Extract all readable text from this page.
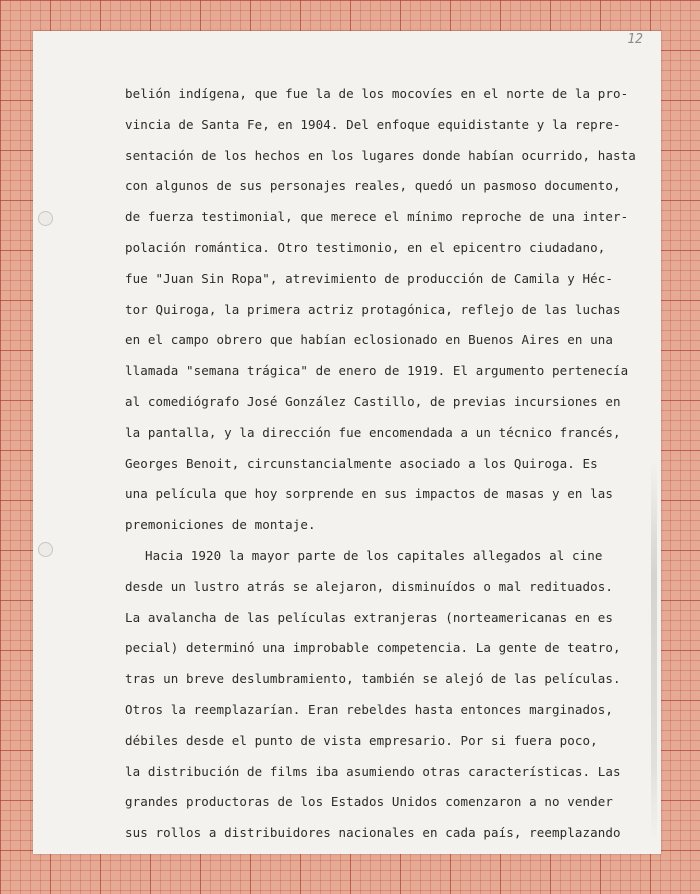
12
belión indígena, que fue la de los mocovíes en el norte de la pro-
vincia de Santa Fe, en 1904. Del enfoque equidistante y la repre-
sentación de los hechos en los lugares donde habían ocurrido, hasta
con algunos de sus personajes reales, quedó un pasmoso documento,
de fuerza testimonial, que merece el mínimo reproche de una inter-
polación romántica. Otro testimonio, en el epicentro ciudadano,
fue "Juan Sin Ropa", atrevimiento de producción de Camila y Héc-
tor Quiroga, la primera actriz protagónica, reflejo de las luchas
en el campo obrero que habían eclosionado en Buenos Aires en una
llamada "semana trágica" de enero de 1919. El argumento pertenecía
al comediógrafo José González Castillo, de previas incursiones en
la pantalla, y la dirección fue encomendada a un técnico francés,
Georges Benoit, circunstancialmente asociado a los Quiroga. Es
una película que hoy sorprende en sus impactos de masas y en las
premoniciones de montaje.
Hacia 1920 la mayor parte de los capitales allegados al cine
desde un lustro atrás se alejaron, disminuídos o mal redituados.
La avalancha de las películas extranjeras (norteamericanas en es
pecial) determinó una improbable competencia. La gente de teatro,
tras un breve deslumbramiento, también se alejó de las películas.
Otros la reemplazarían. Eran rebeldes hasta entonces marginados,
débiles desde el punto de vista empresario. Por si fuera poco,
la distribución de films iba asumiendo otras características. Las
grandes productoras de los Estados Unidos comenzaron a no vender
sus rollos a distribuidores nacionales en cada país, reemplazando
